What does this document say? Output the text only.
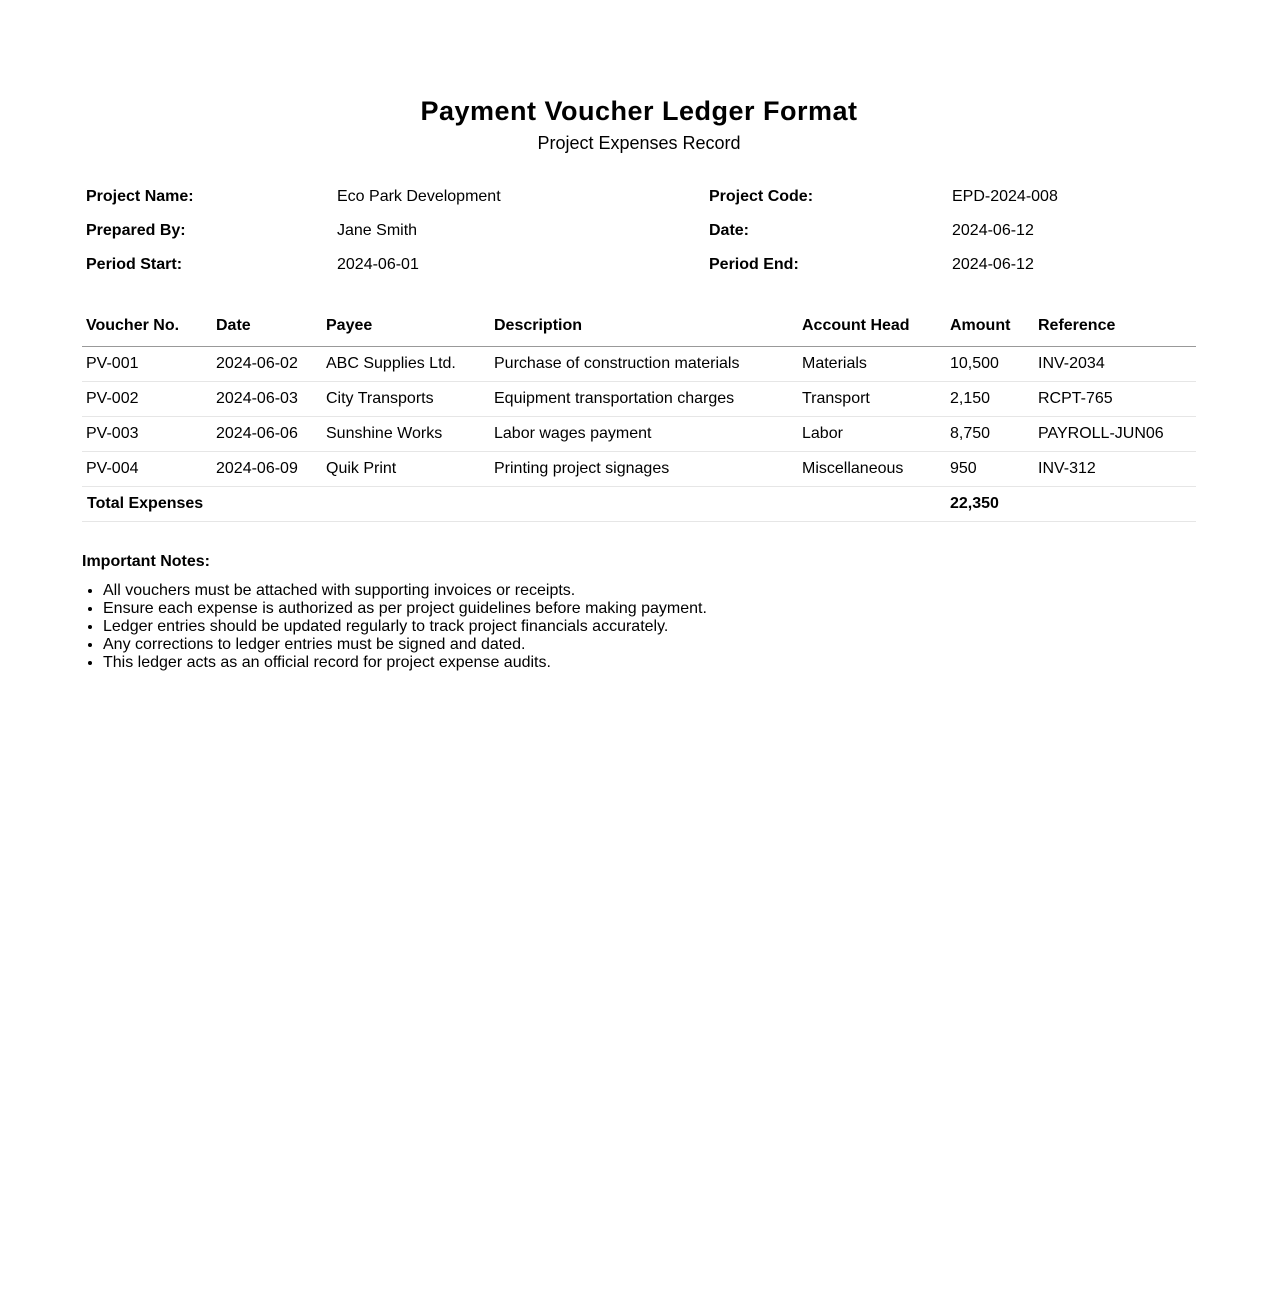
Payment Voucher Ledger Format
Project Expenses Record
Project Name:	Eco Park Development	Project Code:	EPD-2024-008
Prepared By:	Jane Smith	Date:	2024-06-12
Period Start:	2024-06-01	Period End:	2024-06-12
Voucher No.	Date	Payee	Description	Account Head	Amount	Reference
PV-001	2024-06-02	ABC Supplies Ltd.	Purchase of construction materials	Materials	10,500	INV-2034
PV-002	2024-06-03	City Transports	Equipment transportation charges	Transport	2,150	RCPT-765
PV-003	2024-06-06	Sunshine Works	Labor wages payment	Labor	8,750	PAYROLL-JUN06
PV-004	2024-06-09	Quik Print	Printing project signages	Miscellaneous	950	INV-312
Total Expenses					22,350	
Important Notes:
• All vouchers must be attached with supporting invoices or receipts.
• Ensure each expense is authorized as per project guidelines before making payment.
• Ledger entries should be updated regularly to track project financials accurately.
• Any corrections to ledger entries must be signed and dated.
• This ledger acts as an official record for project expense audits.
